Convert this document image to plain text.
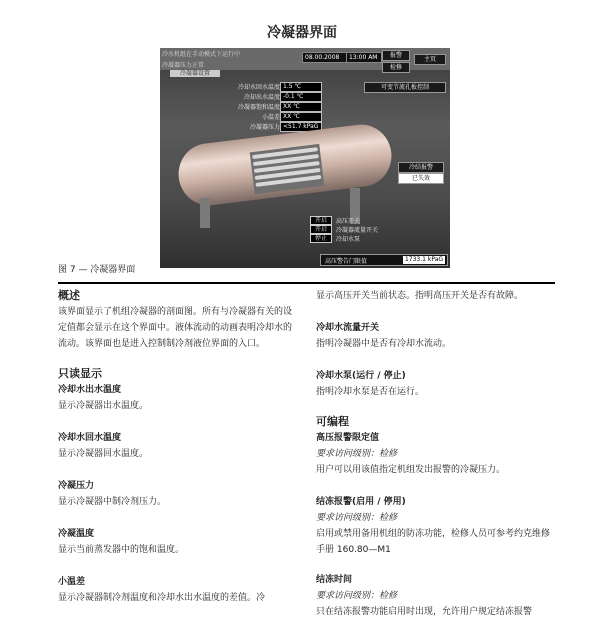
冷凝器界面
冷水机组在手动模式下运行中
冷凝器压力正常
08.00.2008	13:00 AM	报警
主页
检修
冷凝器设置
可变节流孔板控制
冷却水回水温度 1.5 ℃
冷却出水温度 -0.1 ℃
冷凝器饱和温度 XX ℃
小温差 XX ℃
冷凝器压力 <51.7 kPaG
冷结报警
已失效
开启	高压开关
开启	冷凝器流量开关
停止	冷却水泵
高压警告门限值	1733.1 kPaG
图 7 — 冷凝器界面

概述

该界面显示了机组冷凝器的剖面图。所有与冷凝器有关的设定值都会显示在这个界面中。液体流动的动画表明冷却水的流动。该界面也是进入控制制冷剂液位界面的入口。

只读显示

冷却水出水温度

显示冷凝器出水温度。

冷却水回水温度

显示冷凝器回水温度。

冷凝压力

显示冷凝器中制冷剂压力。

冷凝温度

显示当前蒸发器中的饱和温度。

小温差

显示冷凝器制冷剂温度和冷却水出水温度的差值。冷

显示高压开关当前状态。指明高压开关是否有故障。

冷却水流量开关

指明冷凝器中是否有冷却水流动。

冷却水泵(运行 / 停止)

指明冷却水泵是否在运行。

可编程

高压报警限定值

要求访问级别：检修

用户可以用该值指定机组发出报警的冷凝压力。

结冻报警(启用 / 停用)

要求访问级别：检修

启用或禁用备用机组的防冻功能，检修人员可参考约克维修手册 160.80—M1

结冻时间

要求访问级别：检修

只在结冻报警功能启用时出现，允许用户规定结冻报警
